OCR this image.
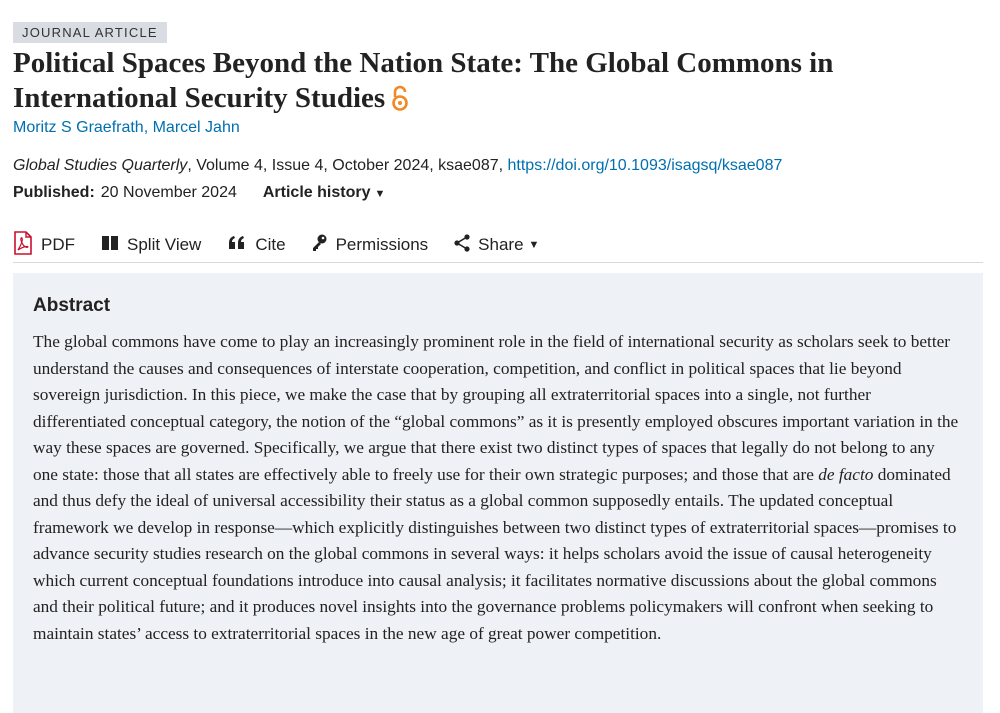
JOURNAL ARTICLE
Political Spaces Beyond the Nation State: The Global Commons in International Security Studies
Moritz S Graefrath, Marcel Jahn
Global Studies Quarterly, Volume 4, Issue 4, October 2024, ksae087, https://doi.org/10.1093/isagsq/ksae087
Published: 20 November 2024 Article history ▼
PDF	Split View	Cite	Permissions	Share ▼
Abstract

The global commons have come to play an increasingly prominent role in the field of international security as scholars seek to better understand the causes and consequences of interstate cooperation, competition, and conflict in political spaces that lie beyond sovereign jurisdiction. In this piece, we make the case that by grouping all extraterritorial spaces into a single, not further differentiated conceptual category, the notion of the “global commons” as it is presently employed obscures important variation in the way these spaces are governed. Specifically, we argue that there exist two distinct types of spaces that legally do not belong to any one state: those that all states are effectively able to freely use for their own strategic purposes; and those that are de facto dominated and thus defy the ideal of universal accessibility their status as a global common supposedly entails. The updated conceptual framework we develop in response—which explicitly distinguishes between two distinct types of extraterritorial spaces—promises to advance security studies research on the global commons in several ways: it helps scholars avoid the issue of causal heterogeneity which current conceptual foundations introduce into causal analysis; it facilitates normative discussions about the global commons and their political future; and it produces novel insights into the governance problems policymakers will confront when seeking to maintain states’ access to extraterritorial spaces in the new age of great power competition.
